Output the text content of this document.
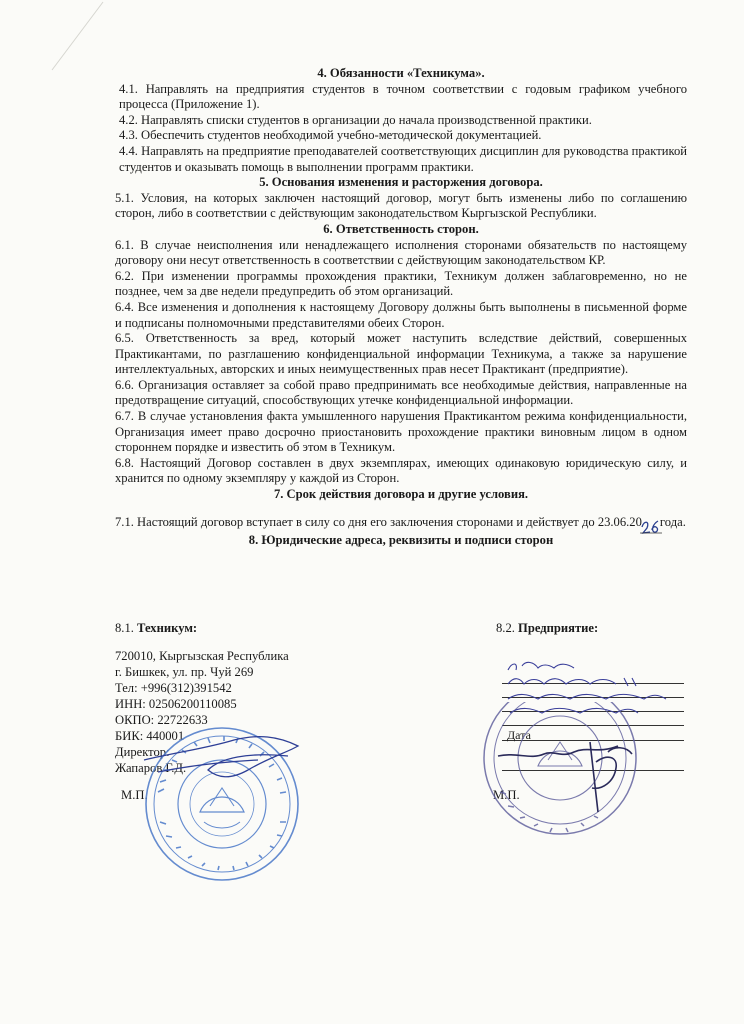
4. Обязанности «Техникума».

4.1. Направлять на предприятия студентов в точном соответствии с годовым графиком учебного процесса (Приложение 1).

4.2. Направлять списки студентов в организации до начала производственной практики.

4.3. Обеспечить студентов необходимой учебно-методической документацией.

4.4. Направлять на предприятие преподавателей соответствующих дисциплин для руководства практикой студентов и оказывать помощь в выполнении программ практики.

5. Основания изменения и расторжения договора.

5.1. Условия, на которых заключен настоящий договор, могут быть изменены либо по соглашению сторон, либо в соответствии с действующим законодательством Кыргызской Республики.

6. Ответственность сторон.

6.1. В случае неисполнения или ненадлежащего исполнения сторонами обязательств по настоящему договору они несут ответственность в соответствии с действующим законодательством КР.

6.2. При изменении программы прохождения практики, Техникум должен заблаговременно, но не позднее, чем за две недели предупредить об этом организаций.

6.4. Все изменения и дополнения к настоящему Договору должны быть выполнены в письменной форме и подписаны полномочными представителями обеих Сторон.

6.5. Ответственность за вред, который может наступить вследствие действий, совершенных Практикантами, по разглашению конфиденциальной информации Техникума, а также за нарушение интеллектуальных, авторских и иных неимущественных прав несет Практикант (предприятие).

6.6. Организация оставляет за собой право предпринимать все необходимые действия, направленные на предотвращение ситуаций, способствующих утечке конфиденциальной информации.

6.7. В случае установления факта умышленного нарушения Практикантом режима конфиденциальности, Организация имеет право досрочно приостановить прохождение практики виновным лицом в одном стороннем порядке и известить об этом в Техникум.

6.8. Настоящий Договор составлен в двух экземплярах, имеющих одинаковую юридическую силу, и хранится по одному экземпляру у каждой из Сторон.

7. Срок действия договора и другие условия.

7.1. Настоящий договор вступает в силу со дня его заключения сторонами и действует до 23.06.20 года.

8. Юридические адреса, реквизиты и подписи сторон

8.1. Техникум:
720010, Кыргызская Республика
г. Бишкек, ул. пр. Чуй 269
Тел: +996(312)391542
ИНН: 02506200110085
ОКПО: 22722633
БИК: 440001
Директор:
Жапаров Г.Д.
М.П.
8.2. Предприятие:
Дата
М.П.
